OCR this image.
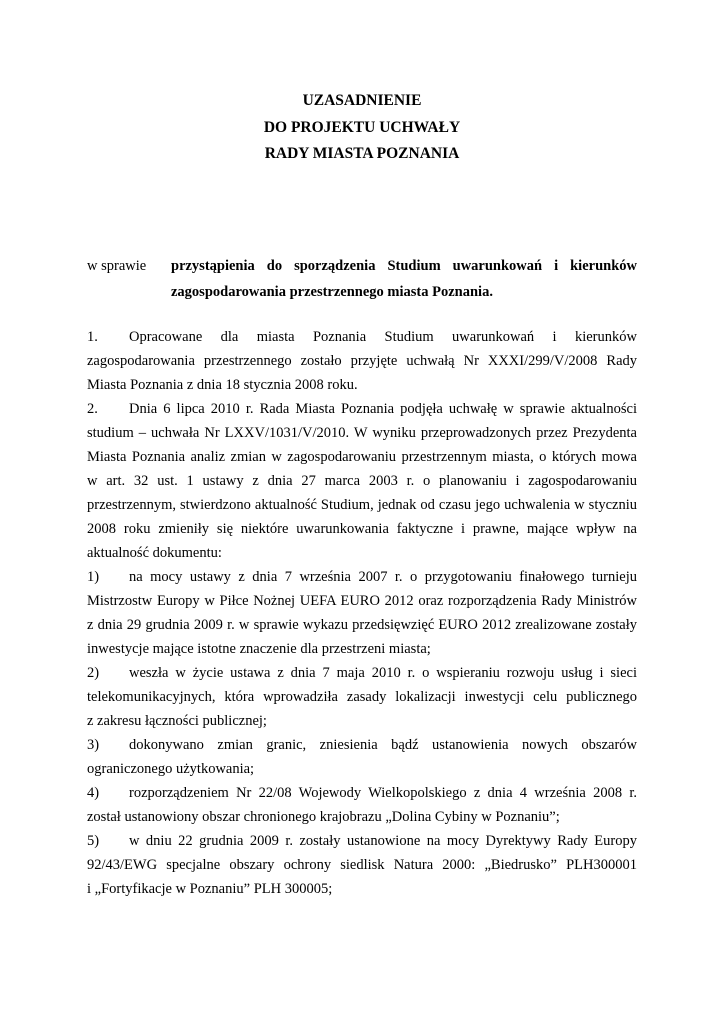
UZASADNIENIE
DO PROJEKTU UCHWAŁY
RADY MIASTA POZNANIA
w sprawie przystąpienia do sporządzenia Studium uwarunkowań i kierunków
zagospodarowania przestrzennego miasta Poznania.
1.	Opracowane dla miasta Poznania Studium uwarunkowań i kierunków
zagospodarowania przestrzennego zostało przyjęte uchwałą Nr XXXI/299/V/2008 Rady
Miasta Poznania z dnia 18 stycznia 2008 roku.
2.	Dnia 6 lipca 2010 r. Rada Miasta Poznania podjęła uchwałę w sprawie aktualności
studium – uchwała Nr LXXV/1031/V/2010. W wyniku przeprowadzonych przez Prezydenta
Miasta Poznania analiz zmian w zagospodarowaniu przestrzennym miasta, o których mowa
w art. 32 ust. 1 ustawy z dnia 27 marca 2003 r. o planowaniu i zagospodarowaniu
przestrzennym, stwierdzono aktualność Studium, jednak od czasu jego uchwalenia w styczniu
2008 roku zmieniły się niektóre uwarunkowania faktyczne i prawne, mające wpływ na
aktualność dokumentu:
1)	na mocy ustawy z dnia 7 września 2007 r. o przygotowaniu finałowego turnieju
Mistrzostw Europy w Piłce Nożnej UEFA EURO 2012 oraz rozporządzenia Rady Ministrów
z dnia 29 grudnia 2009 r. w sprawie wykazu przedsięwzięć EURO 2012 zrealizowane zostały
inwestycje mające istotne znaczenie dla przestrzeni miasta;
2)	weszła w życie ustawa z dnia 7 maja 2010 r. o wspieraniu rozwoju usług i sieci
telekomunikacyjnych, która wprowadziła zasady lokalizacji inwestycji celu publicznego
z zakresu łączności publicznej;
3)	dokonywano zmian granic, zniesienia bądź ustanowienia nowych obszarów
ograniczonego użytkowania;
4)	rozporządzeniem Nr 22/08 Wojewody Wielkopolskiego z dnia 4 września 2008 r.
został ustanowiony obszar chronionego krajobrazu „Dolina Cybiny w Poznaniu”;
5)	w dniu 22 grudnia 2009 r. zostały ustanowione na mocy Dyrektywy Rady Europy
92/43/EWG specjalne obszary ochrony siedlisk Natura 2000: „Biedrusko” PLH300001
i „Fortyfikacje w Poznaniu” PLH 300005;
